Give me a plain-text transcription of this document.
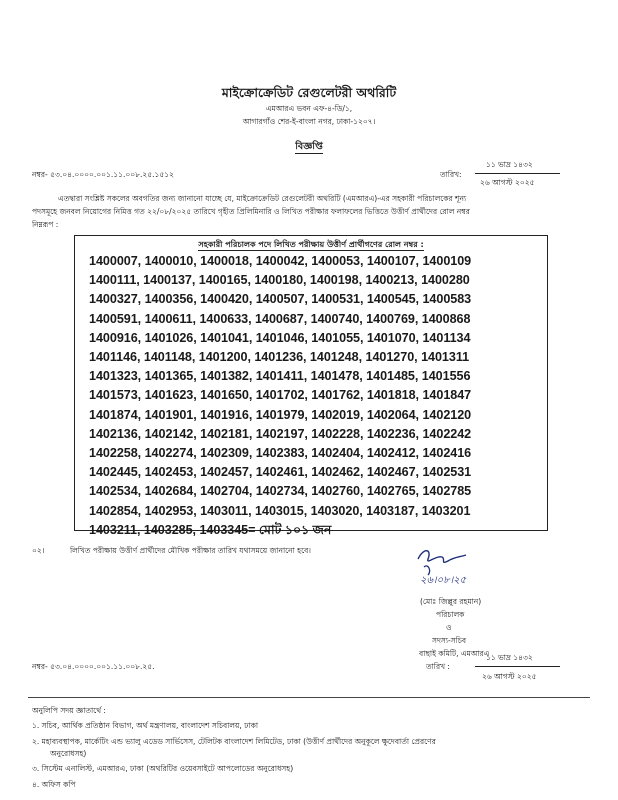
মাইক্রোক্রেডিট রেগুলেটরী অথরিটি
এমআরএ ভবন এফ-৪-ডি/১,
আগারগাঁও শের-ই-বাংলা নগর, ঢাকা-১২০৭।
বিজ্ঞপ্তি
নম্বর- ৫৩.০৪.০০০০.০০১.১১.০০৮.২৫.১৫১২	তারিখ:
১১ ভাদ্র ১৪৩২
২৬ আগস্ট ২০২৫
এতদ্বারা সংশ্লিষ্ট সকলের অবগতির জন্য জানানো যাচ্ছে যে, মাইক্রোক্রেডিট রেগুলেটরী অথরিটি (এমআরএ)-এর সহকারী পরিচালকের শূন্য
পদসমূহে জনবল নিয়োগের নিমিত্ত গত ২২/০৮/২০২৫ তারিখে গৃহীত প্রিলিমিনারি ও লিখিত পরীক্ষার ফলাফলের ভিত্তিতে উত্তীর্ণ প্রার্থীদের রোল নম্বর
নিম্নরূপ :
সহকারী পরিচালক পদে লিখিত পরীক্ষায় উত্তীর্ণ প্রার্থীগণের রোল নম্বর :
1400007, 1400010, 1400018, 1400042, 1400053, 1400107, 1400109
1400111, 1400137, 1400165, 1400180, 1400198, 1400213, 1400280
1400327, 1400356, 1400420, 1400507, 1400531, 1400545, 1400583
1400591, 1400611, 1400633, 1400687, 1400740, 1400769, 1400868
1400916, 1401026, 1401041, 1401046, 1401055, 1401070, 1401134
1401146, 1401148, 1401200, 1401236, 1401248, 1401270, 1401311
1401323, 1401365, 1401382, 1401411, 1401478, 1401485, 1401556
1401573, 1401623, 1401650, 1401702, 1401762, 1401818, 1401847
1401874, 1401901, 1401916, 1401979, 1402019, 1402064, 1402120
1402136, 1402142, 1402181, 1402197, 1402228, 1402236, 1402242
1402258, 1402274, 1402309, 1402383, 1402404, 1402412, 1402416
1402445, 1402453, 1402457, 1402461, 1402462, 1402467, 1402531
1402534, 1402684, 1402704, 1402734, 1402760, 1402765, 1402785
1402854, 1402953, 1403011, 1403015, 1403020, 1403187, 1403201
1403211, 1403285, 1403345= মোট ১০১ জন
০২।	লিখিত পরীক্ষায় উত্তীর্ণ প্রার্থীদের মৌখিক পরীক্ষার তারিখ যথাসময়ে জানানো হবে।
২৬।০৮।২৫
(মোঃ জিল্লুর রহমান)
পরিচালক
ও
সদস্য-সচিব
বাছাই কমিটি, এমআরএ
নম্বর- ৫৩.০৪.০০০০.০০১.১১.০০৮.২৫.	তারিখ :
১১ ভাদ্র ১৪৩২
২৬ আগস্ট ২০২৫
অনুলিপি সদয় জ্ঞাতার্থে :
১. সচিব, আর্থিক প্রতিষ্ঠান বিভাগ, অর্থ মন্ত্রণালয়, বাংলাদেশ সচিবালয়, ঢাকা
২. মহাব্যবস্থাপক, মার্কেটিং এন্ড ভ্যালু এডেড সার্ভিসেস, টেলিটক বাংলাদেশ লিমিটেড, ঢাকা (উত্তীর্ণ প্রার্থীদের অনুকূলে ক্ষুদেবার্তা প্রেরণের
অনুরোধসহ)
৩. সিস্টেম এনালিস্ট, এমআরএ, ঢাকা (অথরিটির ওয়েবসাইটে আপলোডের অনুরোধসহ)
৪. অফিস কপি
